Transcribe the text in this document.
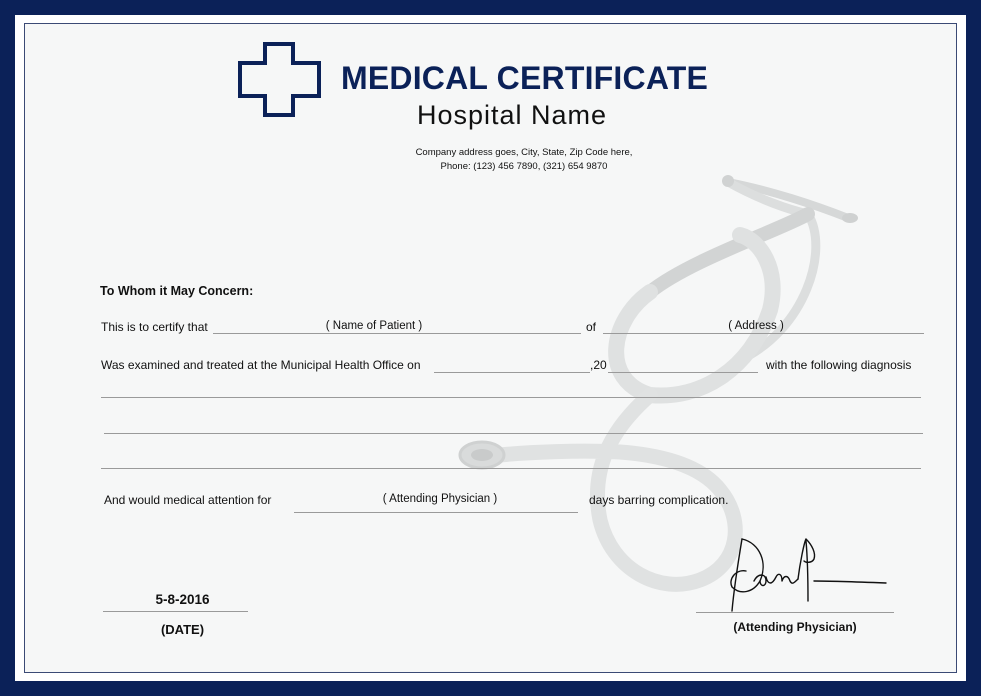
MEDICAL CERTIFICATE
Hospital Name
Company address goes, City, State, Zip Code here,
Phone: (123) 456 7890, (321) 654 9870
To Whom it May Concern:
This is to certify that	( Name of Patient )	of	( Address )
Was examined and treated at the Municipal Health Office on	,20	with the following diagnosis
And would medical attention for	( Attending Physician )	days barring complication.
5-8-2016
(DATE)	(Attending Physician)
